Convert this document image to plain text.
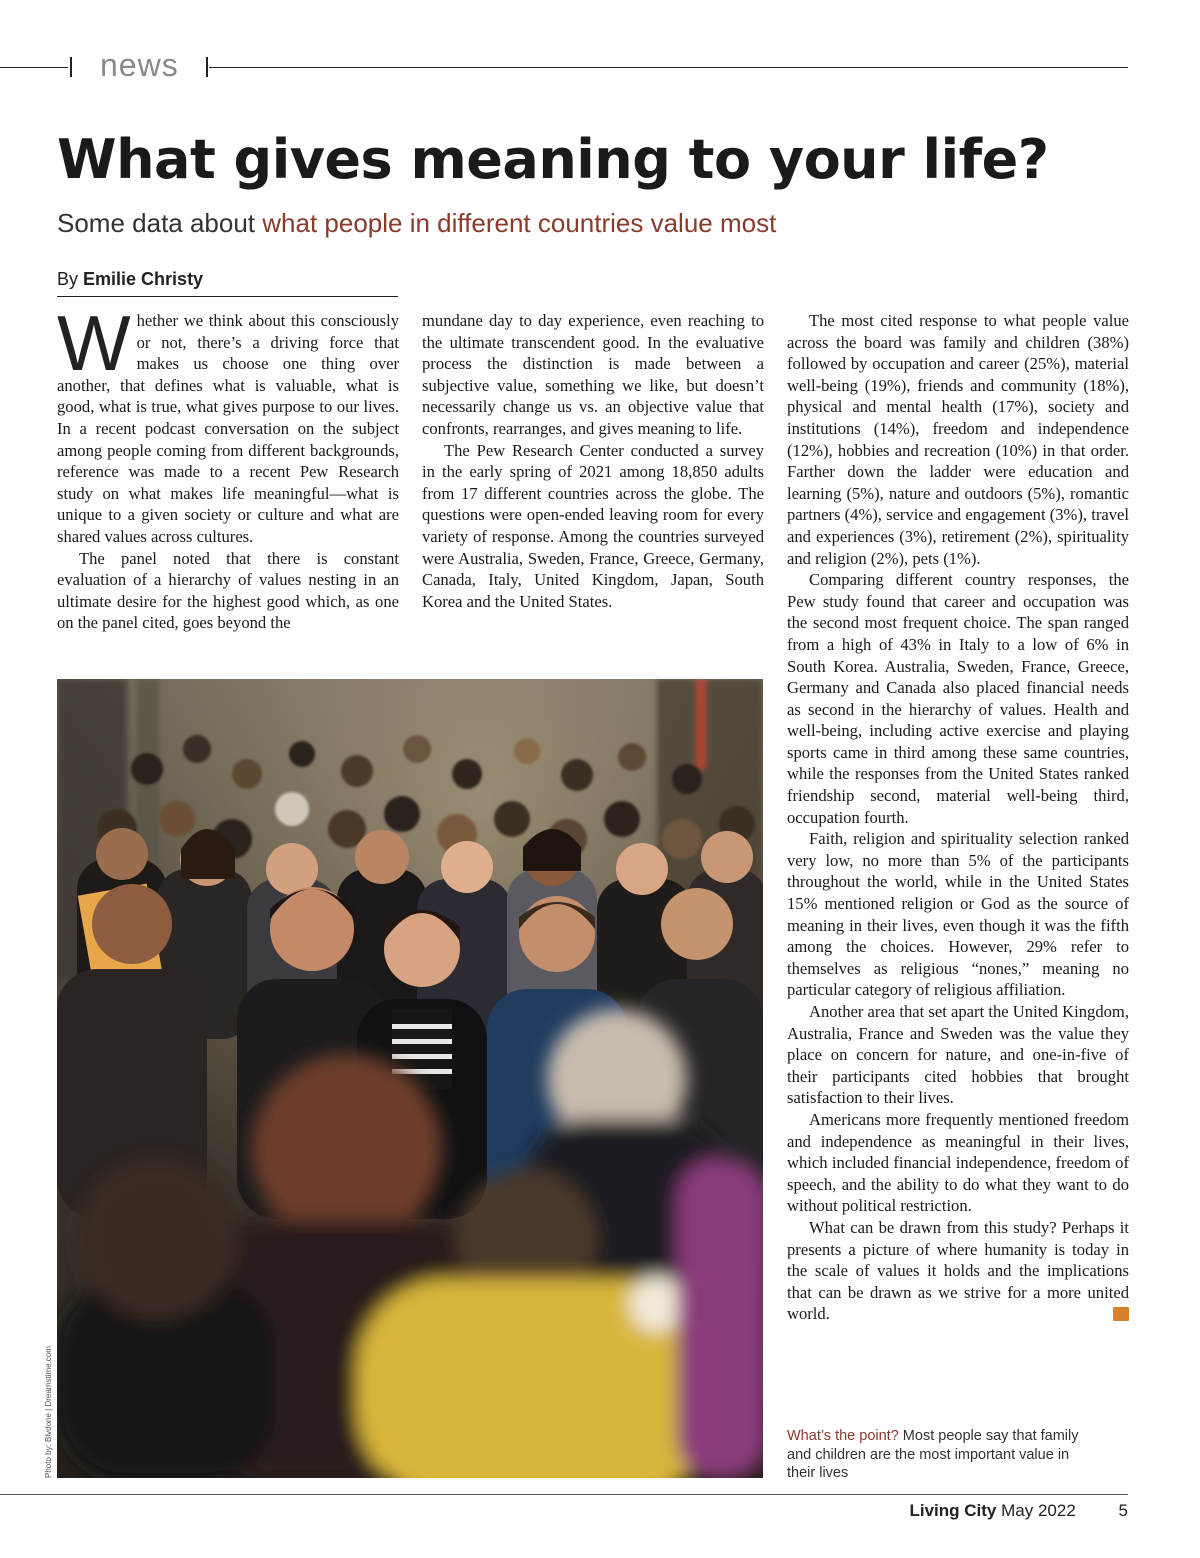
news
What gives meaning to your life?
Some data about what people in different countries value most
By Emilie Christy

Whether we think about this consciously or not, there’s a driving force that makes us choose one thing over another, that defines what is valuable, what is good, what is true, what gives purpose to our lives. In a recent podcast conversation on the subject among people coming from different backgrounds, reference was made to a recent Pew Research study on what makes life meaningful—what is unique to a given society or culture and what are shared values across cultures.

The panel noted that there is constant evaluation of a hierarchy of values nesting in an ultimate desire for the highest good which, as one on the panel cited, goes beyond the

mundane day to day experience, even reaching to the ultimate transcendent good. In the evaluative process the distinction is made between a subjective value, something we like, but doesn’t necessarily change us vs. an objective value that confronts, rearranges, and gives meaning to life.

The Pew Research Center conducted a survey in the early spring of 2021 among 18,850 adults from 17 different countries across the globe. The questions were open-ended leaving room for every variety of response. Among the countries surveyed were Australia, Sweden, France, Greece, Germany, Canada, Italy, United Kingdom, Japan, South Korea and the United States.

The most cited response to what people value across the board was family and children (38%) followed by occupation and career (25%), material well-being (19%), friends and community (18%), physical and mental health (17%), society and institutions (14%), freedom and independence (12%), hobbies and recreation (10%) in that order. Farther down the ladder were education and learning (5%), nature and outdoors (5%), romantic partners (4%), service and engagement (3%), travel and experiences (3%), retirement (2%), spirituality and religion (2%), pets (1%).

Comparing different country responses, the Pew study found that career and occupation was the second most frequent choice. The span ranged from a high of 43% in Italy to a low of 6% in South Korea. Australia, Sweden, France, Greece, Germany and Canada also placed financial needs as second in the hierarchy of values. Health and well-being, including active exercise and playing sports came in third among these same countries, while the responses from the United States ranked friendship second, material well-being third, occupation fourth.

Faith, religion and spirituality selection ranked very low, no more than 5% of the participants throughout the world, while in the United States 15% mentioned religion or God as the source of meaning in their lives, even though it was the fifth among the choices. However, 29% refer to themselves as religious “nones,” meaning no particular category of religious affiliation.

Another area that set apart the United Kingdom, Australia, France and Sweden was the value they place on concern for nature, and one-in-five of their participants cited hobbies that brought satisfaction to their lives.

Americans more frequently mentioned freedom and independence as meaningful in their lives, which included financial independence, freedom of speech, and the ability to do what they want to do without political restriction.

What can be drawn from this study? Perhaps it presents a picture of where humanity is today in the scale of values it holds and the implications that can be drawn as we strive for a more united world.	LC

Photo by: Blvdone | Dreamstime.com	What’s the point? Most people say that family and children are the most important value in their lives
Living City May 2022	5
